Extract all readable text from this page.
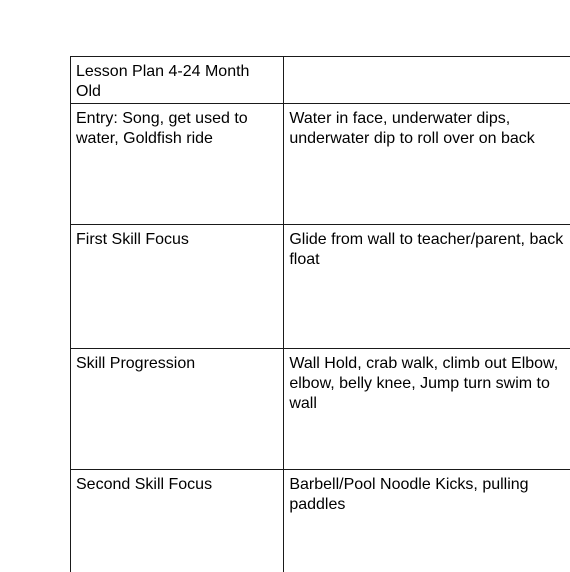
Lesson Plan 4-24 Month Old	
Entry: Song, get used to water, Goldfish ride	Water in face, underwater dips, underwater dip to roll over on back
First Skill Focus	Glide from wall to teacher/parent, back float
Skill Progression	Wall Hold, crab walk, climb out Elbow, elbow, belly knee, Jump turn swim to wall
Second Skill Focus	Barbell/Pool Noodle Kicks, pulling paddles
